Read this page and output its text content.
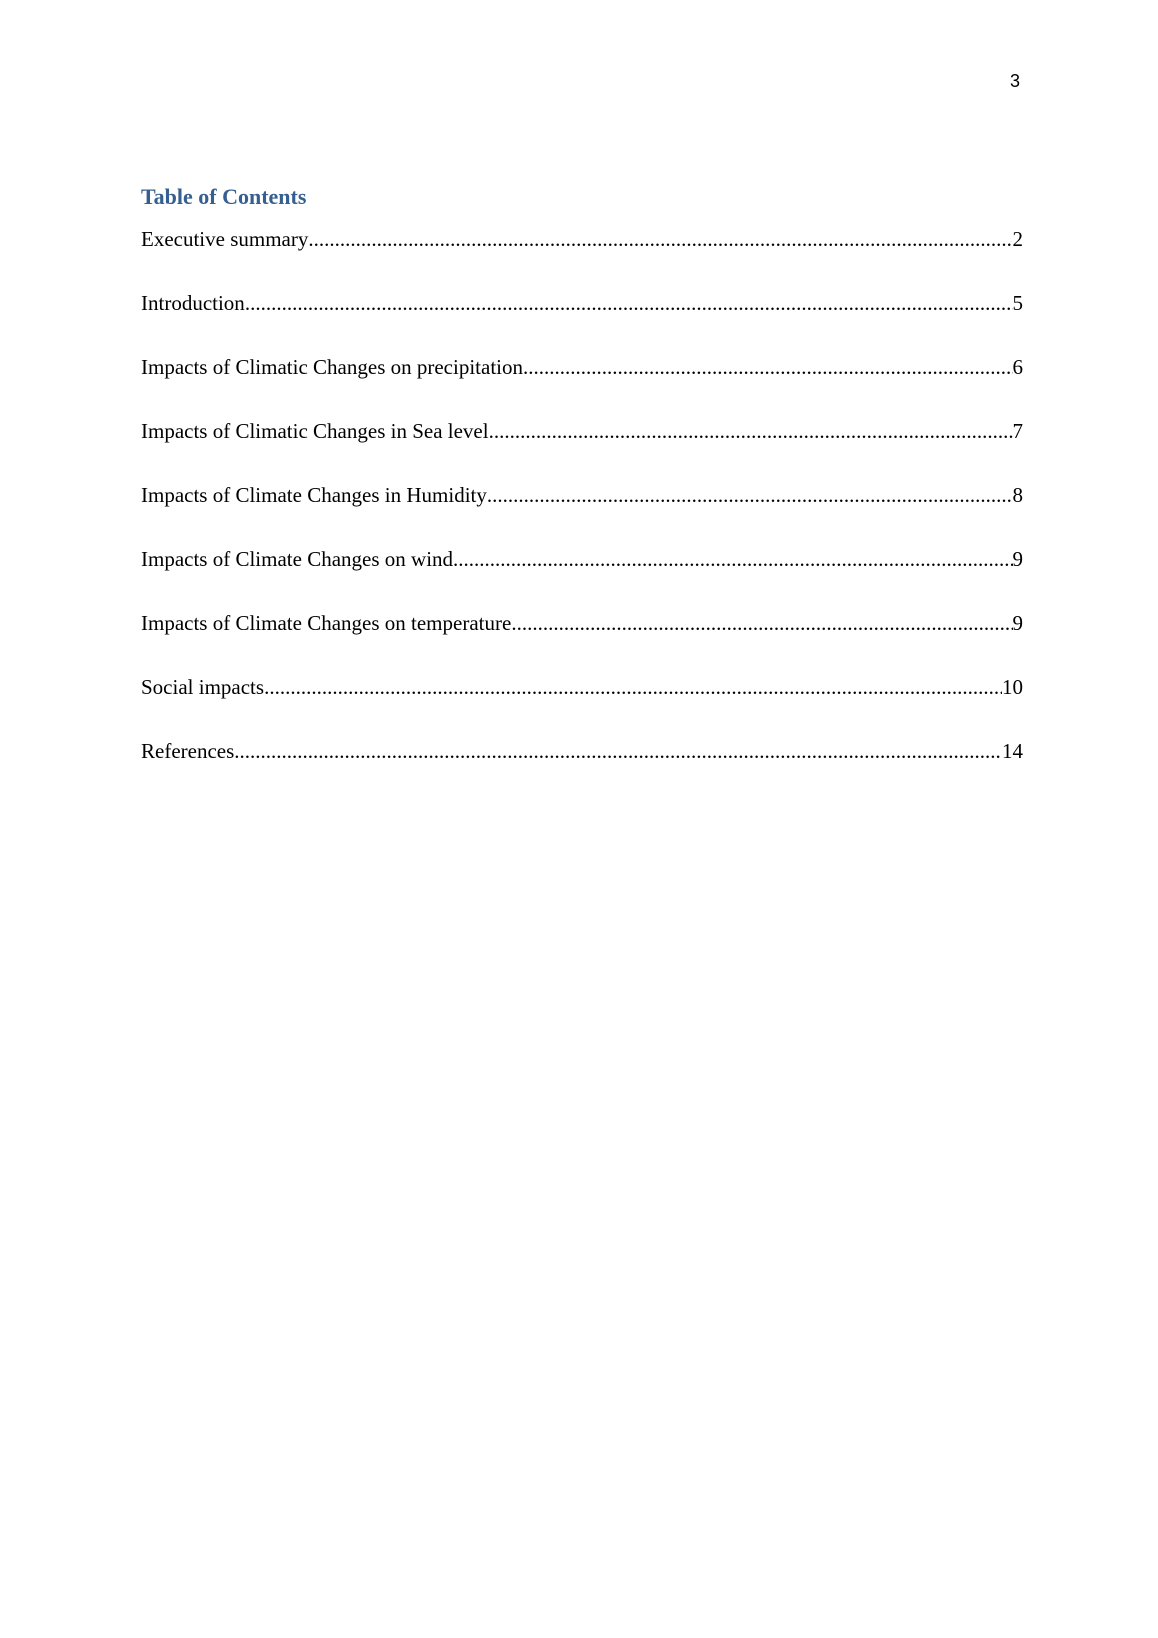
3
Table of Contents
Executive summary .....	2
Introduction .....	5
Impacts of Climatic Changes on precipitation .....	6
Impacts of Climatic Changes in Sea level .....	7
Impacts of Climate Changes in Humidity .....	8
Impacts of Climate Changes on wind .....	9
Impacts of Climate Changes on temperature .....	9
Social impacts .....	10
References .....	14
